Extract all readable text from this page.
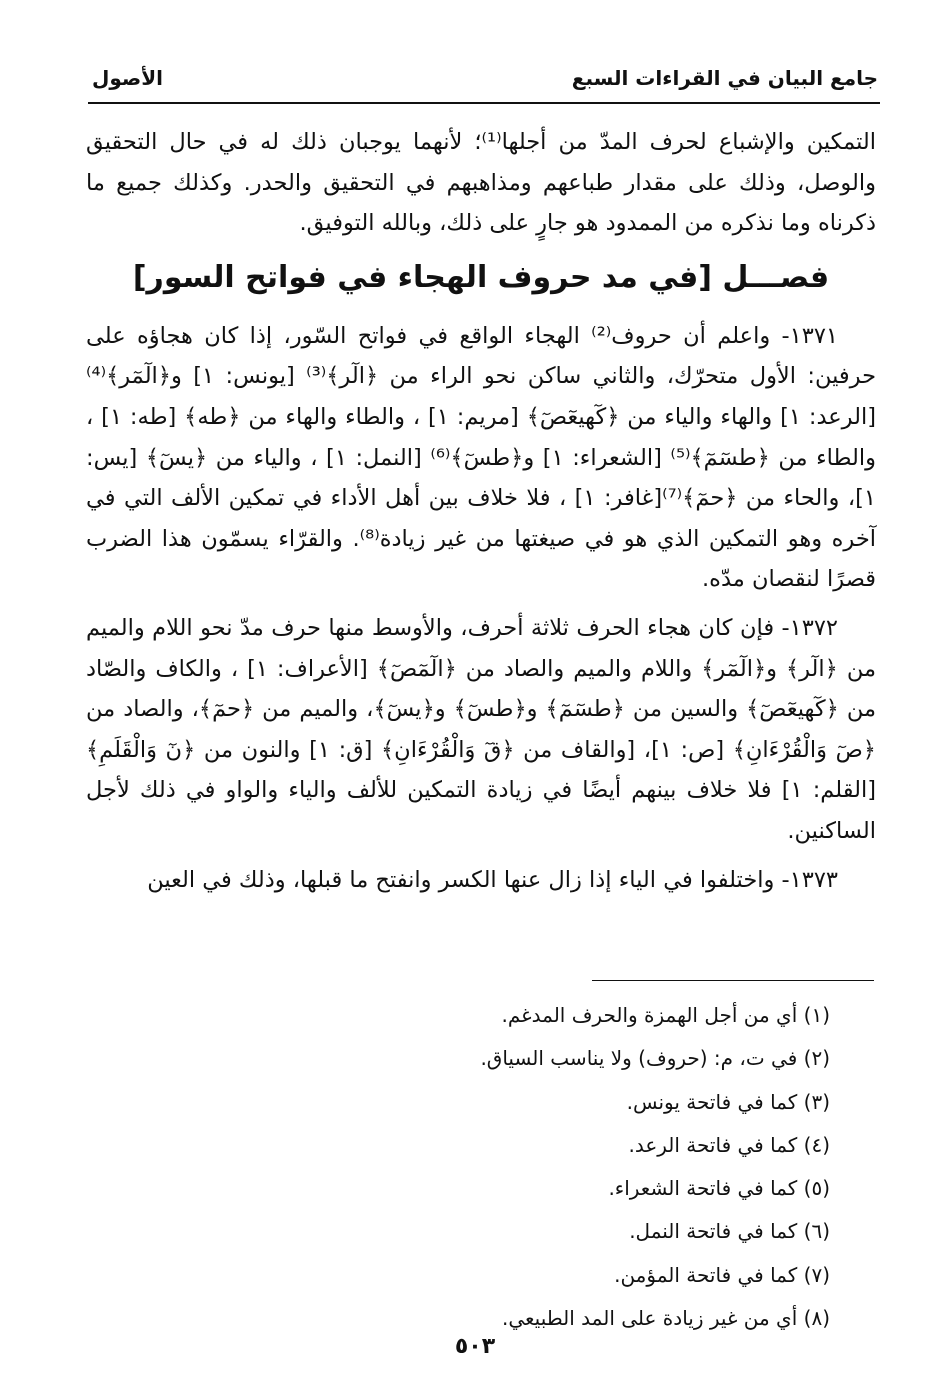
جامع البيان في القراءات السبع
الأصول

التمكين والإشباع لحرف المدّ من أجلها⁽¹⁾؛ لأنهما يوجبان ذلك له في حال التحقيق والوصل، وذلك على مقدار طباعهم ومذاهبهم في التحقيق والحدر. وكذلك جميع ما ذكرناه وما نذكره من الممدود هو جارٍ على ذلك، وبالله التوفيق.

فصـــل [في مد حروف الهجاء في فواتح السور]

١٣٧١- واعلم أن حروف⁽²⁾ الهجاء الواقع في فواتح السّور، إذا كان هجاؤه على حرفين: الأول متحرّك، والثاني ساكن نحو الراء من ﴿الٓر﴾⁽³⁾ [يونس: ١] و﴿الٓمٓر﴾⁽⁴⁾ [الرعد: ١] والهاء والياء من ﴿كٓهيعٓصٓ﴾ [مريم: ١] ، والطاء والهاء من ﴿طه﴾ [طه: ١] ، والطاء من ﴿طسٓمٓ﴾⁽⁵⁾ [الشعراء: ١] و﴿طسٓ﴾⁽⁶⁾ [النمل: ١] ، والياء من ﴿يسٓ﴾ [يس: ١]، والحاء من ﴿حمٓ﴾⁽⁷⁾[غافر: ١] ، فلا خلاف بين أهل الأداء في تمكين الألف التي في آخره وهو التمكين الذي هو في صيغتها من غير زيادة⁽⁸⁾. والقرّاء يسمّون هذا الضرب قصرًا لنقصان مدّه.

١٣٧٢- فإن كان هجاء الحرف ثلاثة أحرف، والأوسط منها حرف مدّ نحو اللام والميم من ﴿الٓر﴾ و﴿الٓمٓر﴾ واللام والميم والصاد من ﴿الٓمٓصٓ﴾ [الأعراف: ١] ، والكاف والصّاد من ﴿كٓهيعٓصٓ﴾ والسين من ﴿طسٓمٓ﴾ و﴿طسٓ﴾ و﴿يسٓ﴾، والميم من ﴿حمٓ﴾، والصاد من ﴿صٓ وَالْقُرْءَانِ﴾ [ص: ١]، [والقاف من ﴿قٓ وَالْقُرْءَانِ﴾ [ق: ١] والنون من ﴿نٓ وَالْقَلَمِ﴾ [القلم: ١] فلا خلاف بينهم أيضًا في زيادة التمكين للألف والياء والواو في ذلك لأجل الساكنين.

١٣٧٣- واختلفوا في الياء إذا زال عنها الكسر وانفتح ما قبلها، وذلك في العين

(١) أي من أجل الهمزة والحرف المدغم.
(٢) في ت، م: (حروف) ولا يناسب السياق.
(٣) كما في فاتحة يونس.
(٤) كما في فاتحة الرعد.
(٥) كما في فاتحة الشعراء.
(٦) كما في فاتحة النمل.
(٧) كما في فاتحة المؤمن.
(٨) أي من غير زيادة على المد الطبيعي.
٥٠٣
